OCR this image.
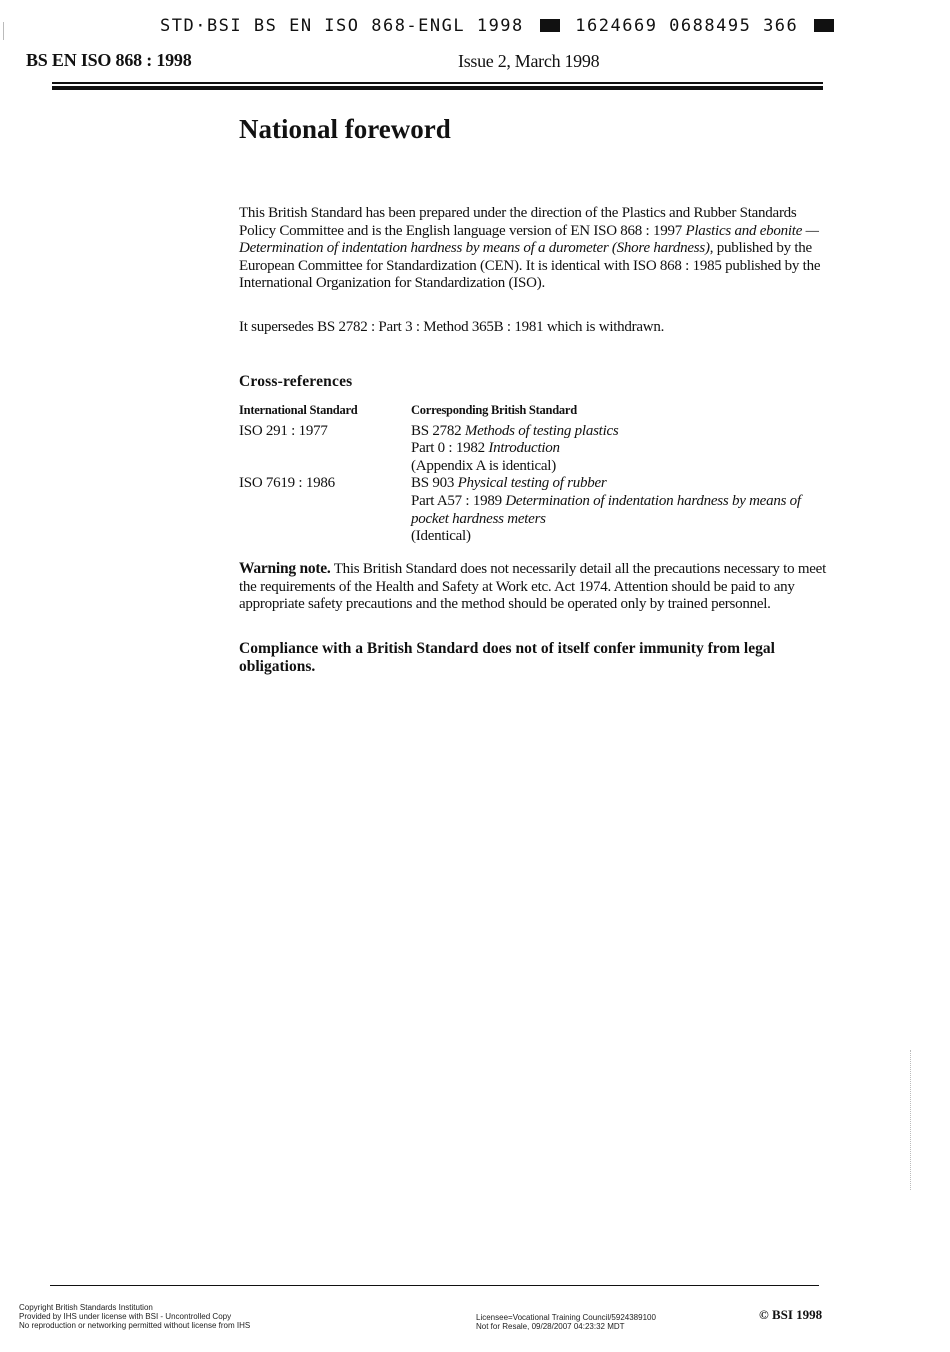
STD·BSI BS EN ISO 868-ENGL 1998	1624669 0688495 366
BS EN ISO 868 : 1998	Issue 2, March 1998
National foreword
This British Standard has been prepared under the direction of the Plastics and Rubber Standards Policy Committee and is the English language version of EN ISO 868 : 1997 Plastics and ebonite — Determination of indentation hardness by means of a durometer (Shore hardness), published by the European Committee for Standardization (CEN). It is identical with ISO 868 : 1985 published by the International Organization for Standardization (ISO).
It supersedes BS 2782 : Part 3 : Method 365B : 1981 which is withdrawn.
Cross-references
International Standard	Corresponding British Standard
ISO 291 : 1977	BS 2782 Methods of testing plastics
Part 0 : 1982 Introduction
(Appendix A is identical)
ISO 7619 : 1986	BS 903 Physical testing of rubber
Part A57 : 1989 Determination of indentation hardness by means of pocket hardness meters
(Identical)
Warning note. This British Standard does not necessarily detail all the precautions necessary to meet the requirements of the Health and Safety at Work etc. Act 1974. Attention should be paid to any appropriate safety precautions and the method should be operated only by trained personnel.
Compliance with a British Standard does not of itself confer immunity from legal obligations.
Copyright British Standards Institution
Provided by IHS under license with BSI - Uncontrolled Copy
No reproduction or networking permitted without license from IHS
Licensee=Vocational Training Council/5924389100
Not for Resale, 09/28/2007 04:23:32 MDT
© BSI 1998
